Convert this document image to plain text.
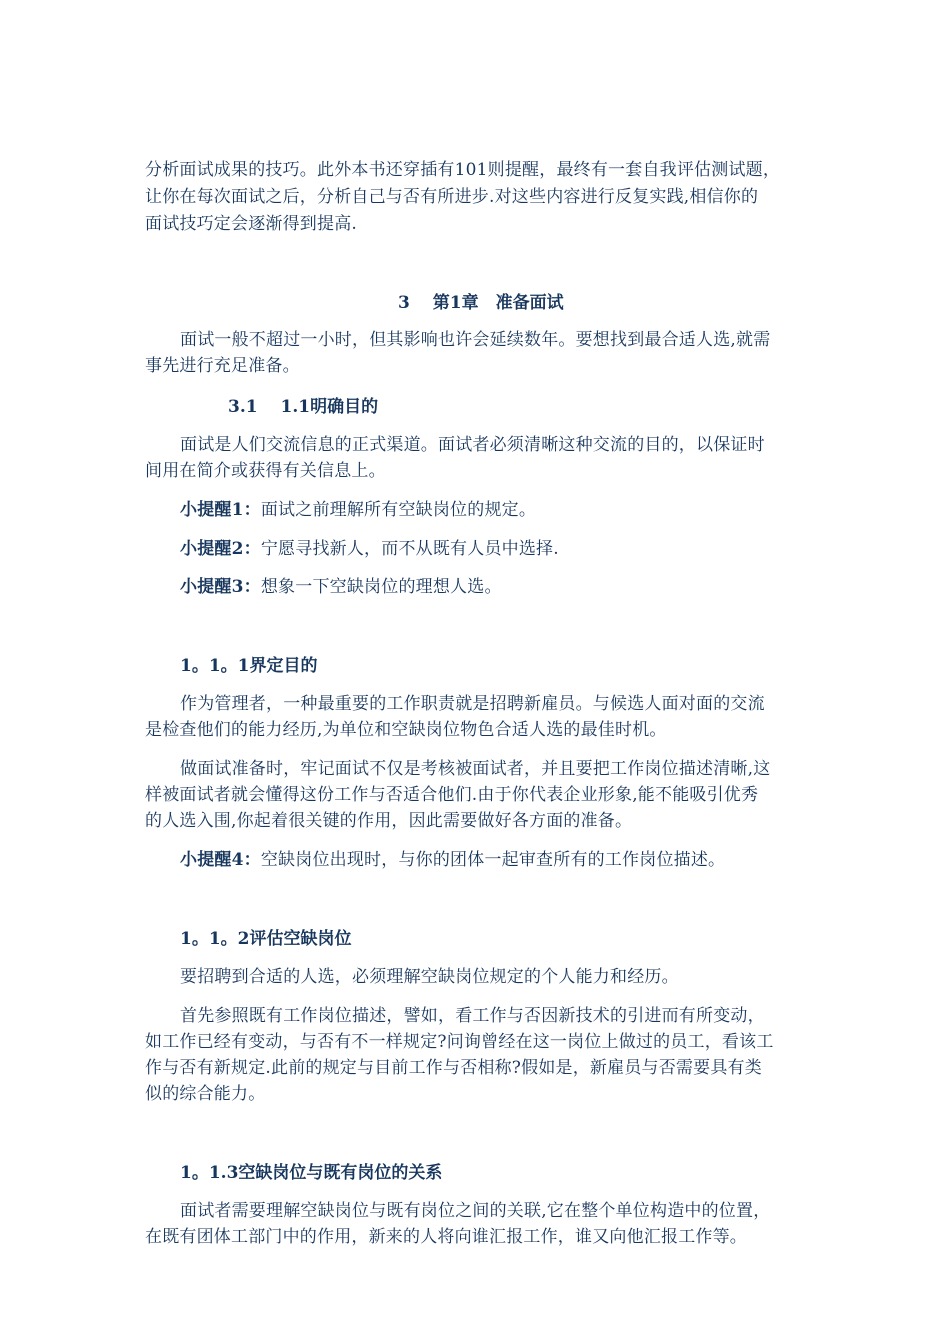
分析面试成果的技巧。此外本书还穿插有101则提醒，最终有一套自我评估测试题，
让你在每次面试之后，分析自己与否有所进步.对这些内容进行反复实践,相信你的
面试技巧定会逐渐得到提高.
3　 第1章　准备面试
面试一般不超过一小时，但其影响也许会延续数年。要想找到最合适人选,就需
事先进行充足准备。
3.1　 1.1明确目的
面试是人们交流信息的正式渠道。面试者必须清晰这种交流的目的，以保证时
间用在简介或获得有关信息上。
小提醒1：面试之前理解所有空缺岗位的规定。
小提醒2：宁愿寻找新人，而不从既有人员中选择.
小提醒3：想象一下空缺岗位的理想人选。
1。1。1界定目的
作为管理者，一种最重要的工作职责就是招聘新雇员。与候选人面对面的交流
是检查他们的能力经历,为单位和空缺岗位物色合适人选的最佳时机。
做面试准备时，牢记面试不仅是考核被面试者，并且要把工作岗位描述清晰,这
样被面试者就会懂得这份工作与否适合他们.由于你代表企业形象,能不能吸引优秀
的人选入围,你起着很关键的作用，因此需要做好各方面的准备。
小提醒4：空缺岗位出现时，与你的团体一起审查所有的工作岗位描述。
1。1。2评估空缺岗位
要招聘到合适的人选，必须理解空缺岗位规定的个人能力和经历。
首先参照既有工作岗位描述，譬如，看工作与否因新技术的引进而有所变动，
如工作已经有变动，与否有不一样规定?问询曾经在这一岗位上做过的员工，看该工
作与否有新规定.此前的规定与目前工作与否相称?假如是，新雇员与否需要具有类
似的综合能力。
1。1.3空缺岗位与既有岗位的关系
面试者需要理解空缺岗位与既有岗位之间的关联,它在整个单位构造中的位置，
在既有团体工部门中的作用，新来的人将向谁汇报工作，谁又向他汇报工作等。
